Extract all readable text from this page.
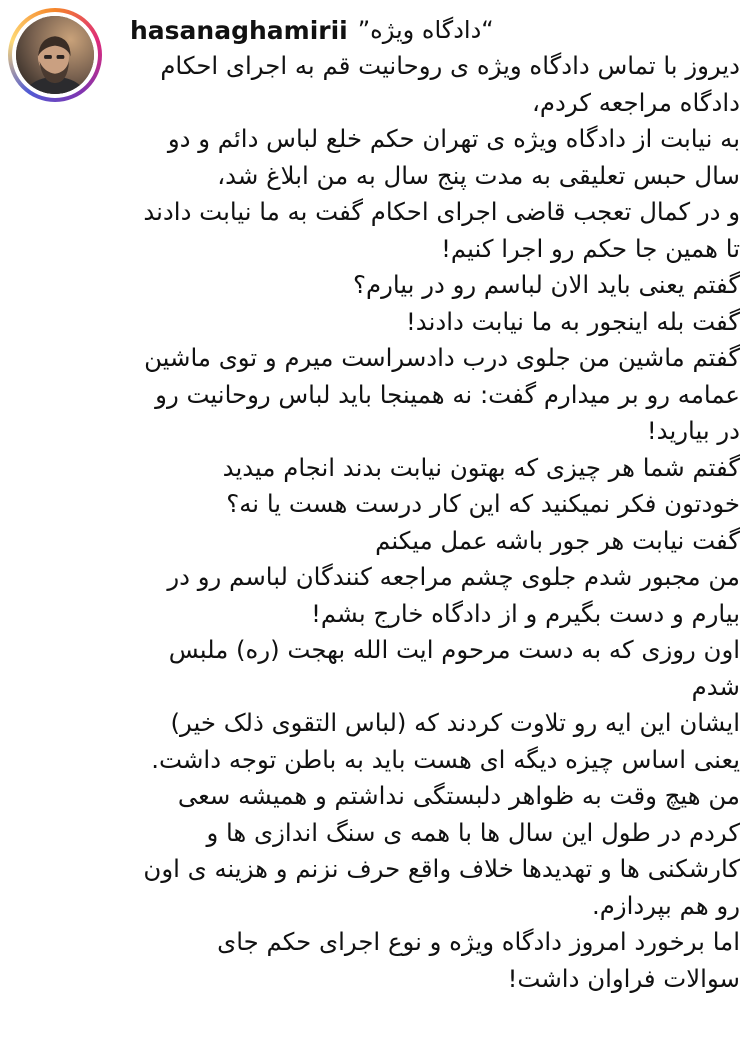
hasanaghamirii “دادگاه ویژه”
دیروز با تماس دادگاه ویژه ی روحانیت قم به اجرای احکام دادگاه مراجعه کردم،
به نیابت از دادگاه ویژه ی تهران حکم خلع لباس دائم و دو سال حبس تعلیقی به مدت پنج سال به من ابلاغ شد،
و در کمال تعجب قاضی اجرای احکام گفت به ما نیابت دادند تا همین جا حکم رو اجرا کنیم!
گفتم یعنی باید الان لباسم رو در بیارم؟
گفت بله اینجور به ما نیابت دادند!
گفتم ماشین من جلوی درب دادسراست میرم و توی ماشین عمامه رو بر میدارم گفت: نه همینجا باید لباس روحانیت رو در بیارید!
گفتم شما هر چیزی که بهتون نیابت بدند انجام میدید خودتون فکر نمیکنید که این کار درست هست یا نه؟
گفت نیابت هر جور باشه عمل میکنم
من مجبور شدم جلوی چشم مراجعه کنندگان لباسم رو در بیارم و دست بگیرم و از دادگاه خارج بشم!
اون روزی که به دست مرحوم ایت الله بهجت (ره) ملبس شدم
ایشان این ایه رو تلاوت کردند که (لباس التقوی ذلک خیر)
یعنی اساس چیزه دیگه ای هست باید به باطن توجه داشت.
من هیچ وقت به ظواهر دلبستگی نداشتم و همیشه سعی کردم در طول این سال ها با همه ی سنگ اندازی ها و کارشکنی ها و تهدیدها خلاف واقع حرف نزنم و هزینه ی اون رو هم بپردازم.
اما برخورد امروز دادگاه ویژه و نوع اجرای حکم جای سوالات فراوان داشت!
